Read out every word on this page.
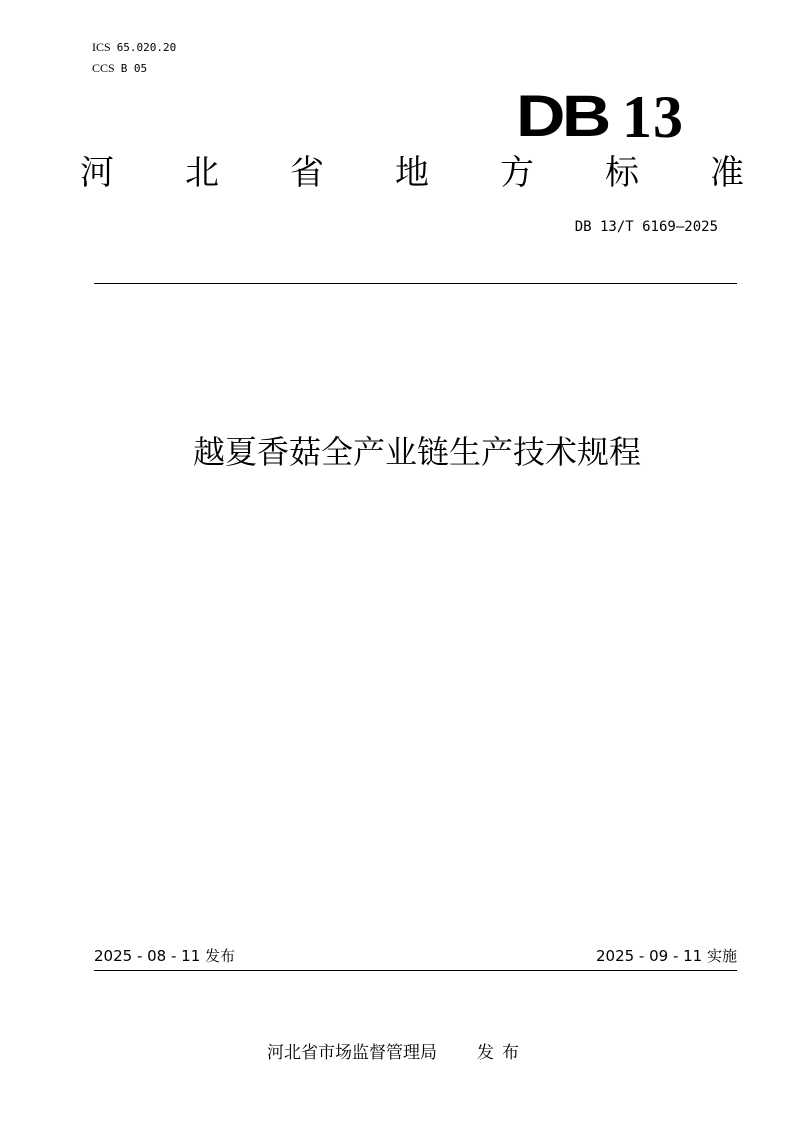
ICS 65.020.20
CCS B 05
DB 13
河 北 省 地 方 标 准
DB 13/T 6169—2025
越夏香菇全产业链生产技术规程
2025 - 08 - 11 发布	2025 - 09 - 11 实施
河北省市场监督管理局 发布
